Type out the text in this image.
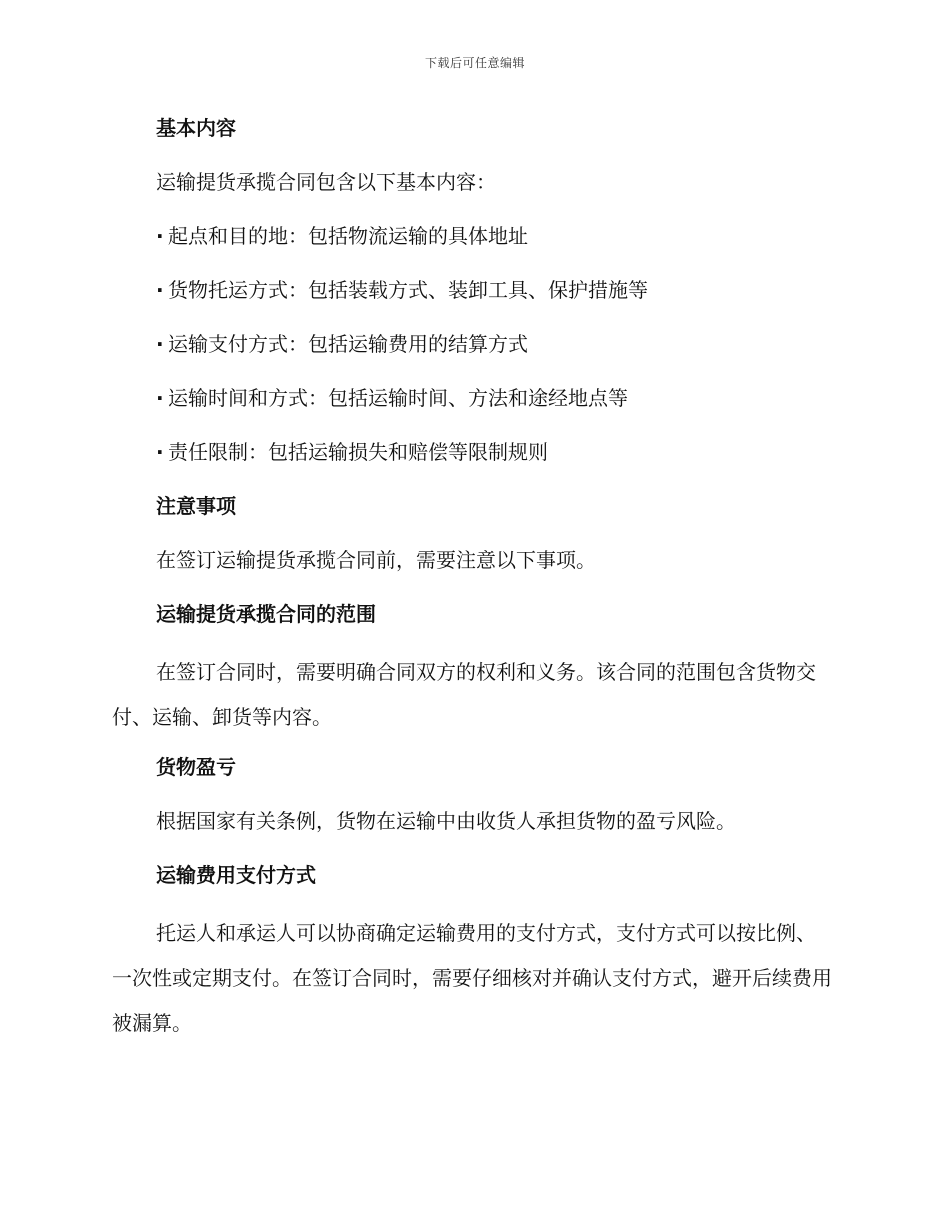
下载后可任意编辑
基本内容

运输提货承揽合同包含以下基本内容：

· 起点和目的地：包括物流运输的具体地址
· 货物托运方式：包括装载方式、装卸工具、保护措施等
· 运输支付方式：包括运输费用的结算方式
· 运输时间和方式：包括运输时间、方法和途经地点等
· 责任限制：包括运输损失和赔偿等限制规则
注意事项

在签订运输提货承揽合同前，需要注意以下事项。

运输提货承揽合同的范围

在签订合同时，需要明确合同双方的权利和义务。该合同的范围包含货物交付、运输、卸货等内容。

货物盈亏

根据国家有关条例，货物在运输中由收货人承担货物的盈亏风险。

运输费用支付方式

托运人和承运人可以协商确定运输费用的支付方式，支付方式可以按比例、一次性或定期支付。在签订合同时，需要仔细核对并确认支付方式，避开后续费用被漏算。
